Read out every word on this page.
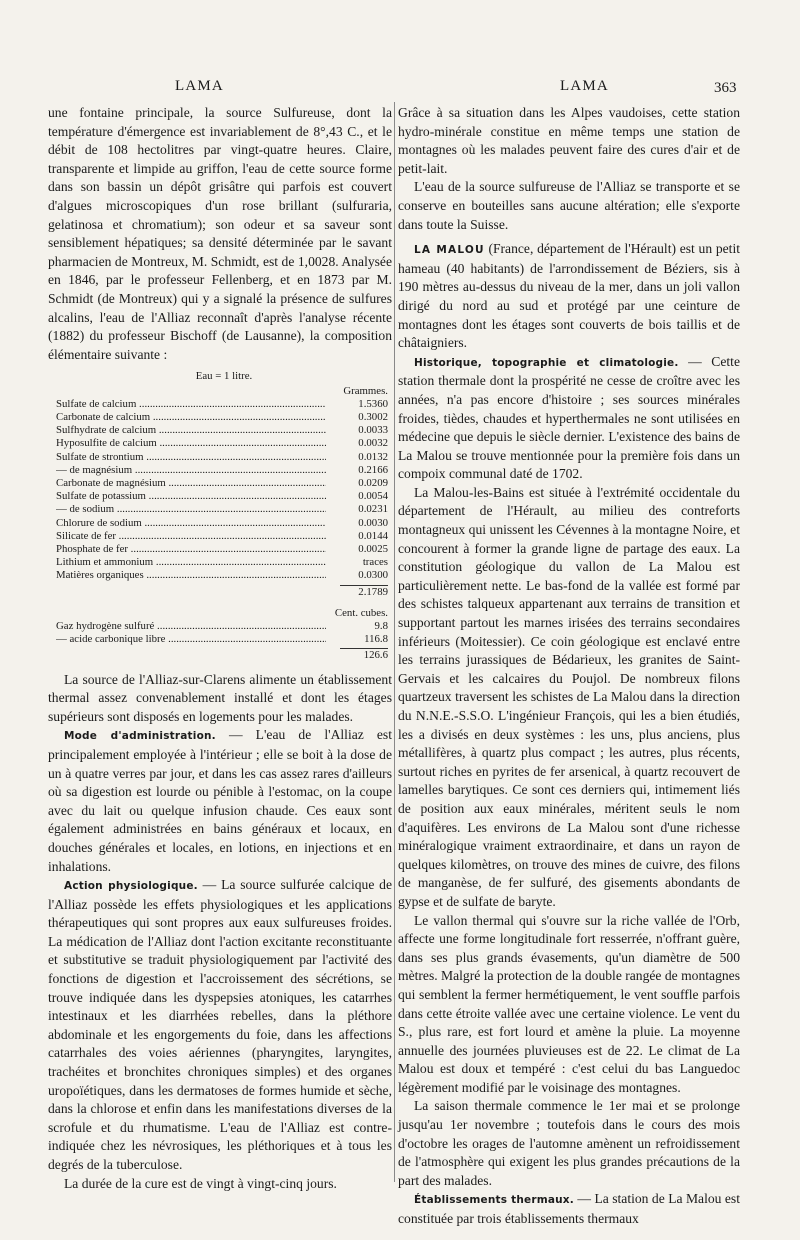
LAMA	LAMA	363

une fontaine principale, la source Sulfureuse, dont la température d'émergence est invariablement de 8°,43 C., et le débit de 108 hectolitres par vingt-quatre heures. Claire, transparente et limpide au griffon, l'eau de cette source forme dans son bassin un dépôt grisâtre qui parfois est couvert d'algues microscopiques d'un rose brillant (sulfuraria, gelatinosa et chromatium); son odeur et sa saveur sont sensiblement hépatiques; sa densité déterminée par le savant pharmacien de Montreux, M. Schmidt, est de 1,0028. Analysée en 1846, par le professeur Fellenberg, et en 1873 par M. Schmidt (de Montreux) qui y a signalé la présence de sulfures alcalins, l'eau de l'Alliaz reconnaît d'après l'analyse récente (1882) du professeur Bischoff (de Lausanne), la composition élémentaire suivante :

Eau = 1 litre.
Grammes.
Sulfate de calcium .....	1.5360
Carbonate de calcium .....	0.3002
Sulfhydrate de calcium .....	0.0033
Hyposulfite de calcium .....	0.0032
Sulfate de strontium .....	0.0132
— de magnésium .....	0.2166
Carbonate de magnésium .....	0.0209
Sulfate de potassium .....	0.0054
— de sodium .....	0.0231
Chlorure de sodium .....	0.0030
Silicate de fer .....	0.0144
Phosphate de fer .....	0.0025
Lithium et ammonium .....	traces
Matières organiques .....	0.0300
2.1789
Cent. cubes.
Gaz hydrogène sulfuré .....	9.8
— acide carbonique libre .....	116.8
126.6

La source de l'Alliaz-sur-Clarens alimente un établissement thermal assez convenablement installé et dont les étages supérieurs sont disposés en logements pour les malades.

Mode d'administration. — L'eau de l'Alliaz est principalement employée à l'intérieur ; elle se boit à la dose de un à quatre verres par jour, et dans les cas assez rares d'ailleurs où sa digestion est lourde ou pénible à l'estomac, on la coupe avec du lait ou quelque infusion chaude. Ces eaux sont également administrées en bains généraux et locaux, en douches générales et locales, en lotions, en injections et en inhalations.

Action physiologique. — La source sulfurée calcique de l'Alliaz possède les effets physiologiques et les applications thérapeutiques qui sont propres aux eaux sulfureuses froides. La médication de l'Alliaz dont l'action excitante reconstituante et substitutive se traduit physiologiquement par l'activité des fonctions de digestion et l'accroissement des sécrétions, se trouve indiquée dans les dyspepsies atoniques, les catarrhes intestinaux et les diarrhées rebelles, dans la pléthore abdominale et les engorgements du foie, dans les affections catarrhales des voies aériennes (pharyngites, laryngites, trachéites et bronchites chroniques simples) et des organes uropoïétiques, dans les dermatoses de formes humide et sèche, dans la chlorose et enfin dans les manifestations diverses de la scrofule et du rhumatisme. L'eau de l'Alliaz est contre-indiquée chez les névrosiques, les pléthoriques et à tous les degrés de la tuberculose.

La durée de la cure est de vingt à vingt-cinq jours.

Grâce à sa situation dans les Alpes vaudoises, cette station hydro-minérale constitue en même temps une station de montagnes où les malades peuvent faire des cures d'air et de petit-lait.

L'eau de la source sulfureuse de l'Alliaz se transporte et se conserve en bouteilles sans aucune altération; elle s'exporte dans toute la Suisse.

LA MALOU (France, département de l'Hérault) est un petit hameau (40 habitants) de l'arrondissement de Béziers, sis à 190 mètres au-dessus du niveau de la mer, dans un joli vallon dirigé du nord au sud et protégé par une ceinture de montagnes dont les étages sont couverts de bois taillis et de châtaigniers.

Historique, topographie et climatologie. — Cette station thermale dont la prospérité ne cesse de croître avec les années, n'a pas encore d'histoire ; ses sources minérales froides, tièdes, chaudes et hyperthermales ne sont utilisées en médecine que depuis le siècle dernier. L'existence des bains de La Malou se trouve mentionnée pour la première fois dans un compoix communal daté de 1702.

La Malou-les-Bains est située à l'extrémité occidentale du département de l'Hérault, au milieu des contreforts montagneux qui unissent les Cévennes à la montagne Noire, et concourent à former la grande ligne de partage des eaux. La constitution géologique du vallon de La Malou est particulièrement nette. Le bas-fond de la vallée est formé par des schistes talqueux appartenant aux terrains de transition et supportant partout les marnes irisées des terrains secondaires inférieurs (Moitessier). Ce coin géologique est enclavé entre les terrains jurassiques de Bédarieux, les granites de Saint-Gervais et les calcaires du Poujol. De nombreux filons quartzeux traversent les schistes de La Malou dans la direction du N.N.E.-S.S.O. L'ingénieur François, qui les a bien étudiés, les a divisés en deux systèmes : les uns, plus anciens, plus métallifères, à quartz plus compact ; les autres, plus récents, surtout riches en pyrites de fer arsenical, à quartz recouvert de lamelles barytiques. Ce sont ces derniers qui, intimement liés de position aux eaux minérales, méritent seuls le nom d'aquifères. Les environs de La Malou sont d'une richesse minéralogique vraiment extraordinaire, et dans un rayon de quelques kilomètres, on trouve des mines de cuivre, des filons de manganèse, de fer sulfuré, des gisements abondants de gypse et de sulfate de baryte.

Le vallon thermal qui s'ouvre sur la riche vallée de l'Orb, affecte une forme longitudinale fort resserrée, n'offrant guère, dans ses plus grands évasements, qu'un diamètre de 500 mètres. Malgré la protection de la double rangée de montagnes qui semblent la fermer hermétiquement, le vent souffle parfois dans cette étroite vallée avec une certaine violence. Le vent du S., plus rare, est fort lourd et amène la pluie. La moyenne annuelle des journées pluvieuses est de 22. Le climat de La Malou est doux et tempéré : c'est celui du bas Languedoc légèrement modifié par le voisinage des montagnes.

La saison thermale commence le 1er mai et se prolonge jusqu'au 1er novembre ; toutefois dans le cours des mois d'octobre les orages de l'automne amènent un refroidissement de l'atmosphère qui exigent les plus grandes précautions de la part des malades.

Établissements thermaux. — La station de La Malou est constituée par trois établissements thermaux
